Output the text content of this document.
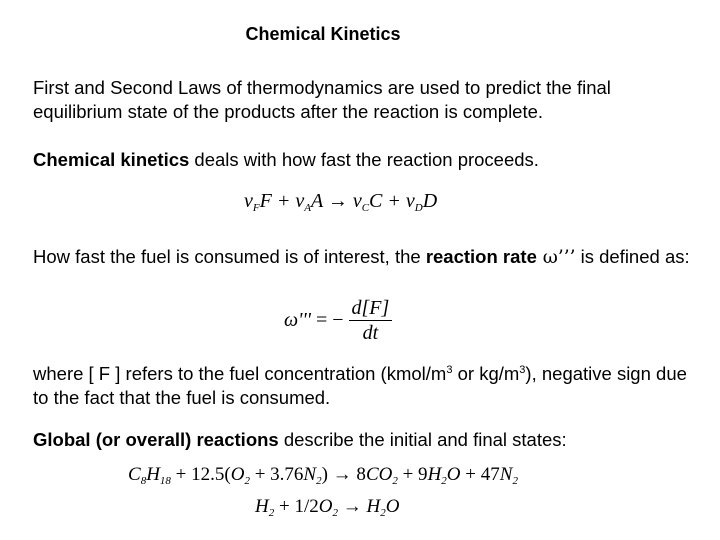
Chemical Kinetics

First and Second Laws of thermodynamics are used to predict the final equilibrium state of the products after the reaction is complete.

Chemical kinetics deals with how fast the reaction proceeds.

$\nu_FF + \nu_AA \to \nu_CC + \nu_DD$

How fast the fuel is consumed is of interest, the reaction rate ω’’’ is defined as:

ω''' = − $\frac{d[F]}{dt}$

where [ F ] refers to the fuel concentration ($kmol/m^3$ or $kg/m^3$), negative sign due to the fact that the fuel is consumed.

Global (or overall) reactions describe the initial and final states:

$C_8H_{18} + 12.5(O_2 + 3.76N_2) \to 8CO_2 + 9H_2O + 47N_2$
$H_2 + 1/2O_2 \to H_2O$
